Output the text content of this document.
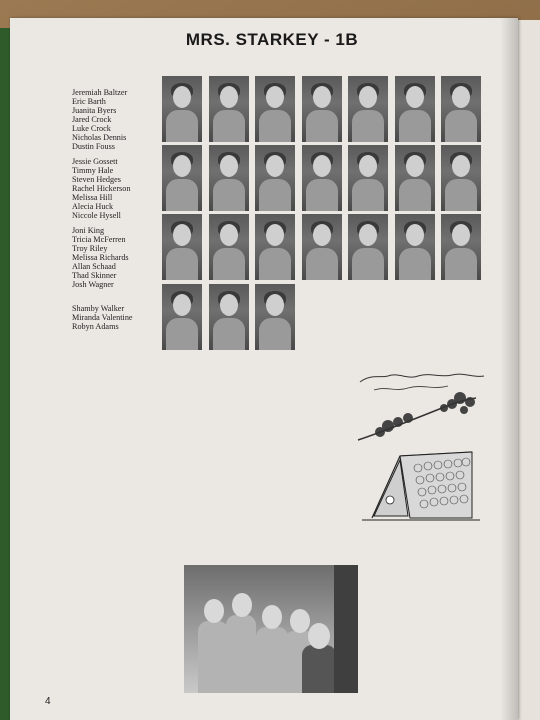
MRS. STARKEY - 1B
Jeremiah Baltzer
Eric Barth
Juanita Byers
Jared Crock
Luke Crock
Nicholas Dennis
Dustin Fouss
Jessie Gossett
Timmy Hale
Steven Hedges
Rachel Hickerson
Melissa Hill
Alecia Huck
Niccole Hysell
Joni King
Tricia McFerren
Troy Riley
Melissa Richards
Allan Schaad
Thad Skinner
Josh Wagner
Shamby Walker
Miranda Valentine
Robyn Adams
4
